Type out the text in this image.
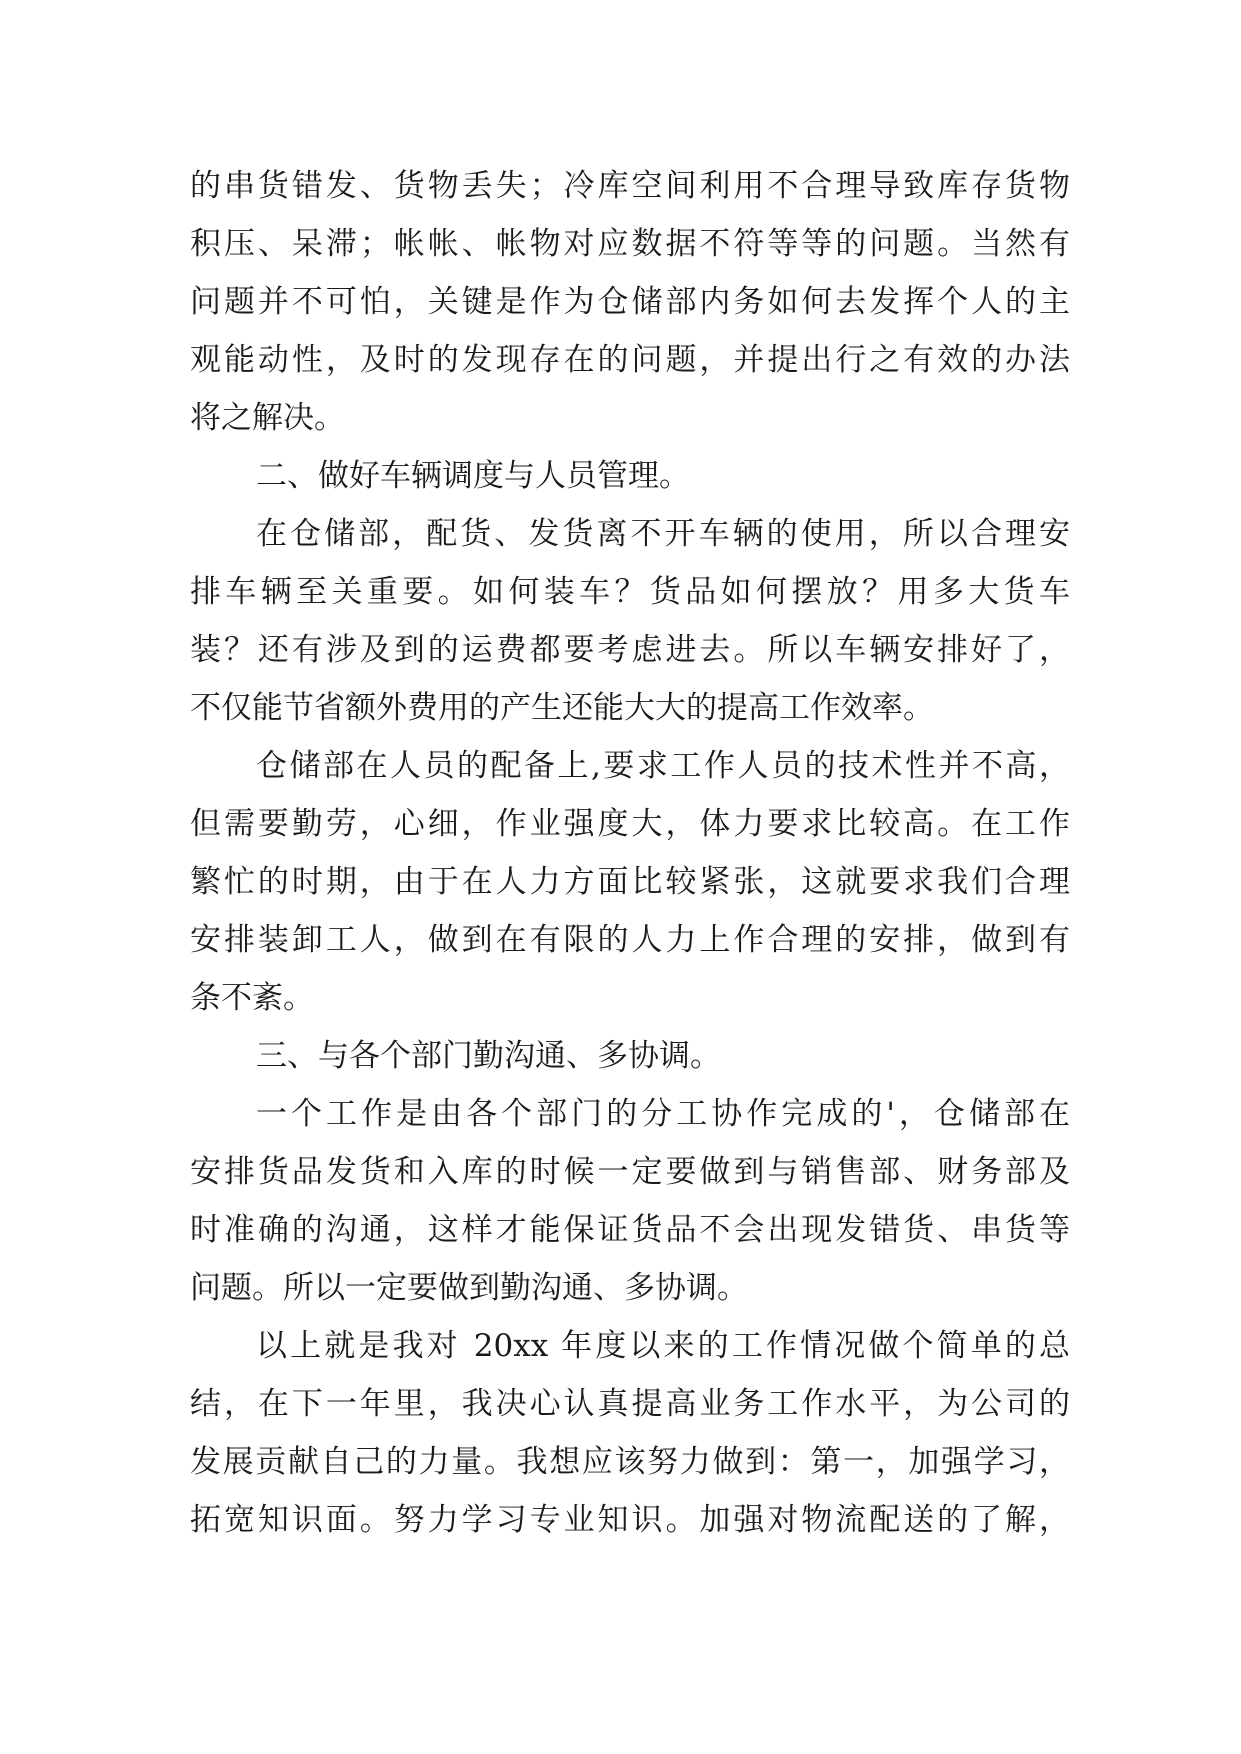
的串货错发、货物丢失；冷库空间利用不合理导致库存货物
积压、呆滞；帐帐、帐物对应数据不符等等的问题。当然有
问题并不可怕，关键是作为仓储部内务如何去发挥个人的主
观能动性，及时的发现存在的问题，并提出行之有效的办法
将之解决。
二、做好车辆调度与人员管理。
在仓储部，配货、发货离不开车辆的使用，所以合理安
排车辆至关重要。如何装车？货品如何摆放？用多大货车
装？还有涉及到的运费都要考虑进去。所以车辆安排好了，
不仅能节省额外费用的产生还能大大的提高工作效率。
仓储部在人员的配备上,要求工作人员的技术性并不高，
但需要勤劳，心细，作业强度大，体力要求比较高。在工作
繁忙的时期，由于在人力方面比较紧张，这就要求我们合理
安排装卸工人，做到在有限的人力上作合理的安排，做到有
条不紊。
三、与各个部门勤沟通、多协调。
一个工作是由各个部门的分工协作完成的'，仓储部在
安排货品发货和入库的时候一定要做到与销售部、财务部及
时准确的沟通，这样才能保证货品不会出现发错货、串货等
问题。所以一定要做到勤沟通、多协调。
以上就是我对 20xx 年度以来的工作情况做个简单的总
结，在下一年里，我决心认真提高业务工作水平，为公司的
发展贡献自己的力量。我想应该努力做到：第一，加强学习，
拓宽知识面。努力学习专业知识。加强对物流配送的了解，
